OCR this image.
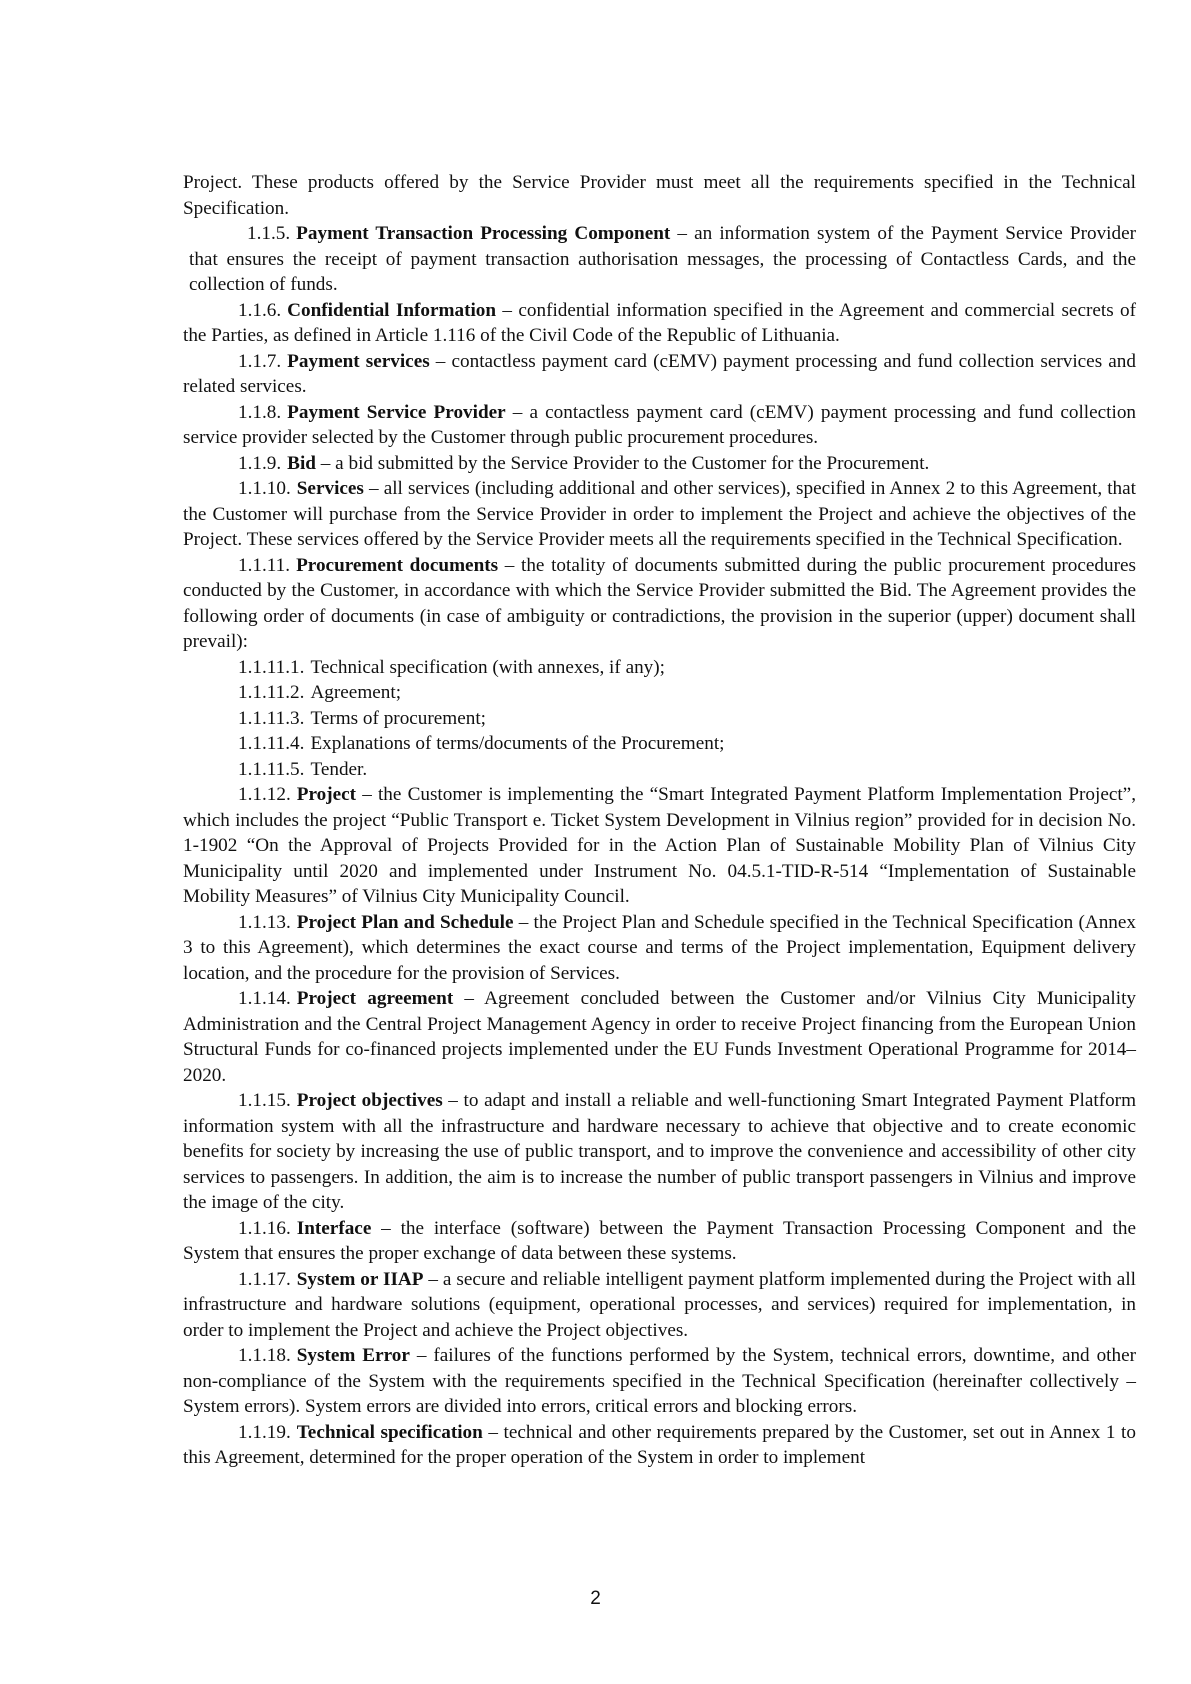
Project. These products offered by the Service Provider must meet all the requirements specified in the Technical Specification.

1.1.5. Payment Transaction Processing Component – an information system of the Payment Service Provider that ensures the receipt of payment transaction authorisation messages, the processing of Contactless Cards, and the collection of funds.

1.1.6. Confidential Information – confidential information specified in the Agreement and commercial secrets of the Parties, as defined in Article 1.116 of the Civil Code of the Republic of Lithuania.

1.1.7. Payment services – contactless payment card (cEMV) payment processing and fund collection services and related services.

1.1.8. Payment Service Provider – a contactless payment card (cEMV) payment processing and fund collection service provider selected by the Customer through public procurement procedures.

1.1.9. Bid – a bid submitted by the Service Provider to the Customer for the Procurement.

1.1.10. Services – all services (including additional and other services), specified in Annex 2 to this Agreement, that the Customer will purchase from the Service Provider in order to implement the Project and achieve the objectives of the Project. These services offered by the Service Provider meets all the requirements specified in the Technical Specification.

1.1.11. Procurement documents – the totality of documents submitted during the public procurement procedures conducted by the Customer, in accordance with which the Service Provider submitted the Bid. The Agreement provides the following order of documents (in case of ambiguity or contradictions, the provision in the superior (upper) document shall prevail):

1.1.11.1. Technical specification (with annexes, if any);

1.1.11.2. Agreement;

1.1.11.3. Terms of procurement;

1.1.11.4. Explanations of terms/documents of the Procurement;

1.1.11.5. Tender.

1.1.12. Project – the Customer is implementing the “Smart Integrated Payment Platform Implementation Project”, which includes the project “Public Transport e. Ticket System Development in Vilnius region” provided for in decision No. 1-1902 “On the Approval of Projects Provided for in the Action Plan of Sustainable Mobility Plan of Vilnius City Municipality until 2020 and implemented under Instrument No. 04.5.1-TID-R-514 “Implementation of Sustainable Mobility Measures” of Vilnius City Municipality Council.

1.1.13. Project Plan and Schedule – the Project Plan and Schedule specified in the Technical Specification (Annex 3 to this Agreement), which determines the exact course and terms of the Project implementation, Equipment delivery location, and the procedure for the provision of Services.

1.1.14. Project agreement – Agreement concluded between the Customer and/or Vilnius City Municipality Administration and the Central Project Management Agency in order to receive Project financing from the European Union Structural Funds for co-financed projects implemented under the EU Funds Investment Operational Programme for 2014–2020.

1.1.15. Project objectives – to adapt and install a reliable and well-functioning Smart Integrated Payment Platform information system with all the infrastructure and hardware necessary to achieve that objective and to create economic benefits for society by increasing the use of public transport, and to improve the convenience and accessibility of other city services to passengers. In addition, the aim is to increase the number of public transport passengers in Vilnius and improve the image of the city.

1.1.16. Interface – the interface (software) between the Payment Transaction Processing Component and the System that ensures the proper exchange of data between these systems.

1.1.17. System or IIAP – a secure and reliable intelligent payment platform implemented during the Project with all infrastructure and hardware solutions (equipment, operational processes, and services) required for implementation, in order to implement the Project and achieve the Project objectives.

1.1.18. System Error – failures of the functions performed by the System, technical errors, downtime, and other non-compliance of the System with the requirements specified in the Technical Specification (hereinafter collectively – System errors). System errors are divided into errors, critical errors and blocking errors.

1.1.19. Technical specification – technical and other requirements prepared by the Customer, set out in Annex 1 to this Agreement, determined for the proper operation of the System in order to implement

2
